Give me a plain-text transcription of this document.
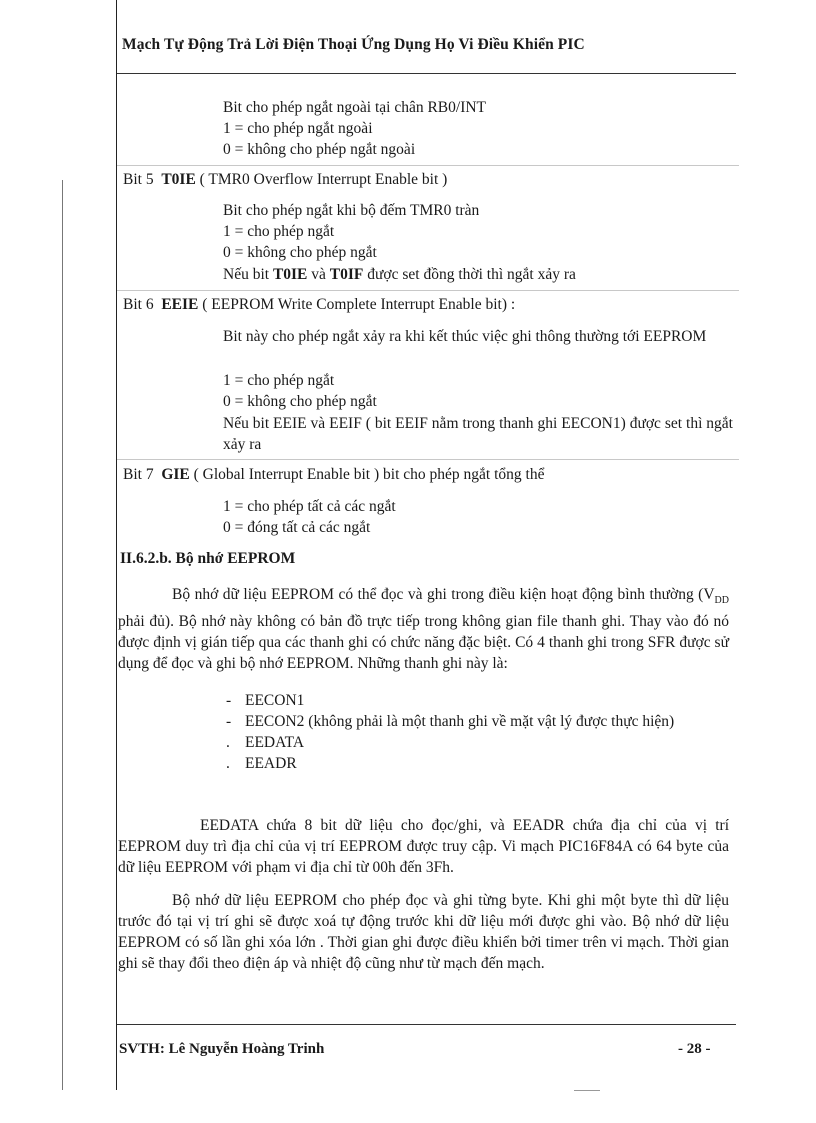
Mạch Tự Động Trả Lời Điện Thoại Ứng Dụng Họ Vi Điều Khiển PIC
Bit cho phép ngắt ngoài tại chân RB0/INT
1 = cho phép ngắt ngoài
0 = không cho phép ngắt ngoài
Bit 5 T0IE ( TMR0 Overflow Interrupt Enable bit )
Bit cho phép ngắt khi bộ đếm TMR0 tràn
1 = cho phép ngắt
0 = không cho phép ngắt
Nếu bit T0IE và T0IF được set đồng thời thì ngắt xảy ra
Bit 6 EEIE ( EEPROM Write Complete Interrupt Enable bit) :
Bit này cho phép ngắt xảy ra khi kết thúc việc ghi thông thường tới EEPROM
1 = cho phép ngắt
0 = không cho phép ngắt
Nếu bit EEIE và EEIF ( bit EEIF nằm trong thanh ghi EECON1) được set thì ngắt xảy ra
Bit 7 GIE ( Global Interrupt Enable bit ) bit cho phép ngắt tổng thể
1 = cho phép tất cả các ngắt
0 = đóng tất cả các ngắt
II.6.2.b. Bộ nhớ EEPROM

Bộ nhớ dữ liệu EEPROM có thể đọc và ghi trong điều kiện hoạt động bình thường ($V_{DD}$ phải đủ). Bộ nhớ này không có bản đồ trực tiếp trong không gian file thanh ghi. Thay vào đó nó được định vị gián tiếp qua các thanh ghi có chức năng đặc biệt. Có 4 thanh ghi trong SFR được sử dụng để đọc và ghi bộ nhớ EEPROM. Những thanh ghi này là:

- EECON1
- EECON2 (không phải là một thanh ghi về mặt vật lý được thực hiện)
. EEDATA
. EEADR

EEDATA chứa 8 bit dữ liệu cho đọc/ghi, và EEADR chứa địa chỉ của vị trí EEPROM duy trì địa chỉ của vị trí EEPROM được truy cập. Vi mạch PIC16F84A có 64 byte của dữ liệu EEPROM với phạm vi địa chỉ từ 00h đến 3Fh.

Bộ nhớ dữ liệu EEPROM cho phép đọc và ghi từng byte. Khi ghi một byte thì dữ liệu trước đó tại vị trí ghi sẽ được xoá tự động trước khi dữ liệu mới được ghi vào. Bộ nhớ dữ liệu EEPROM có số lần ghi xóa lớn . Thời gian ghi được điều khiển bởi timer trên vi mạch. Thời gian ghi sẽ thay đổi theo điện áp và nhiệt độ cũng như từ mạch đến mạch.

SVTH: Lê Nguyễn Hoàng Trinh	- 28 -
